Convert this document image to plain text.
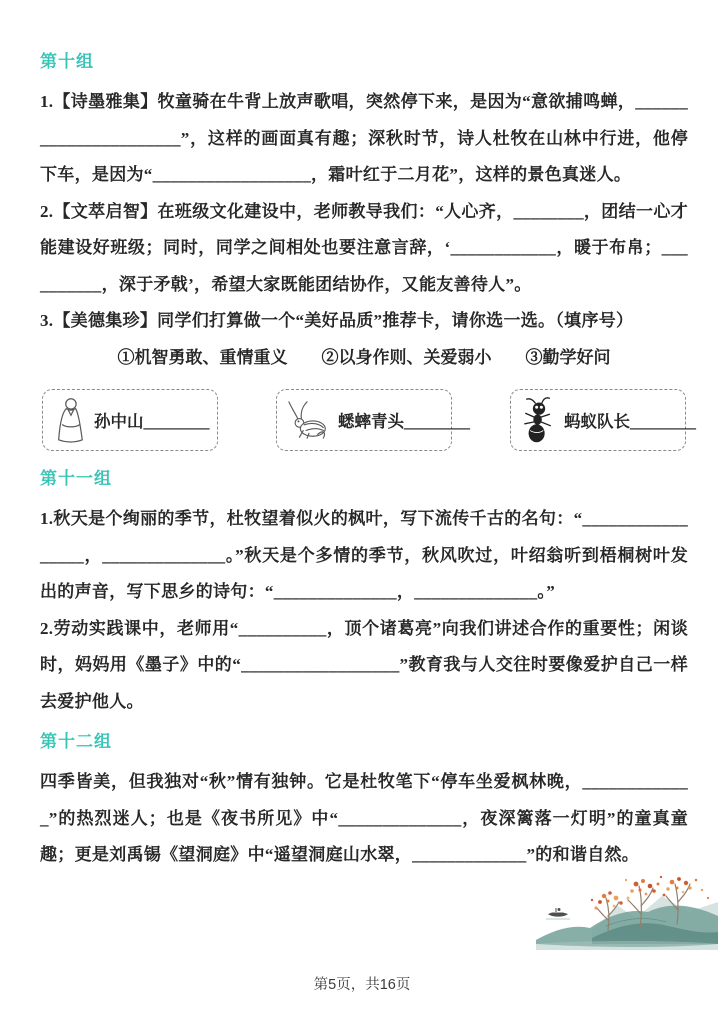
第十组

1.【诗墨雅集】牧童骑在牛背上放声歌唱，突然停下来，是因为“意欲捕鸣蝉，______________________”，这样的画面真有趣；深秋时节，诗人杜牧在山林中行进，他停下车，是因为“__________________，霜叶红于二月花”，这样的景色真迷人。

2.【文萃启智】在班级文化建设中，老师教导我们：“人心齐，________，团结一心才能建设好班级；同时，同学之间相处也要注意言辞，‘____________，暖于布帛；__________，深于矛戟’，希望大家既能团结协作，又能友善待人”。

3.【美德集珍】同学们打算做一个“美好品质”推荐卡，请你选一选。（填序号）

①机智勇敢、重情重义　　②以身作则、关爱弱小　　③勤学好问

孙中山________	蟋蟀青头________	蚂蚁队长________
第十一组

1.秋天是个绚丽的季节，杜牧望着似火的枫叶，写下流传千古的名句：“_________________，______________。”秋天是个多情的季节，秋风吹过，叶绍翁听到梧桐树叶发出的声音，写下思乡的诗句：“______________，______________。”

2.劳动实践课中，老师用“__________，顶个诸葛亮”向我们讲述合作的重要性；闲谈时，妈妈用《墨子》中的“__________________”教育我与人交往时要像爱护自己一样去爱护他人。

第十二组

四季皆美，但我独对“秋”情有独钟。它是杜牧笔下“停车坐爱枫林晚，_____________”的热烈迷人；也是《夜书所见》中“______________，夜深篱落一灯明”的童真童趣；更是刘禹锡《望洞庭》中“遥望洞庭山水翠，_____________”的和谐自然。

第5页，共16页
